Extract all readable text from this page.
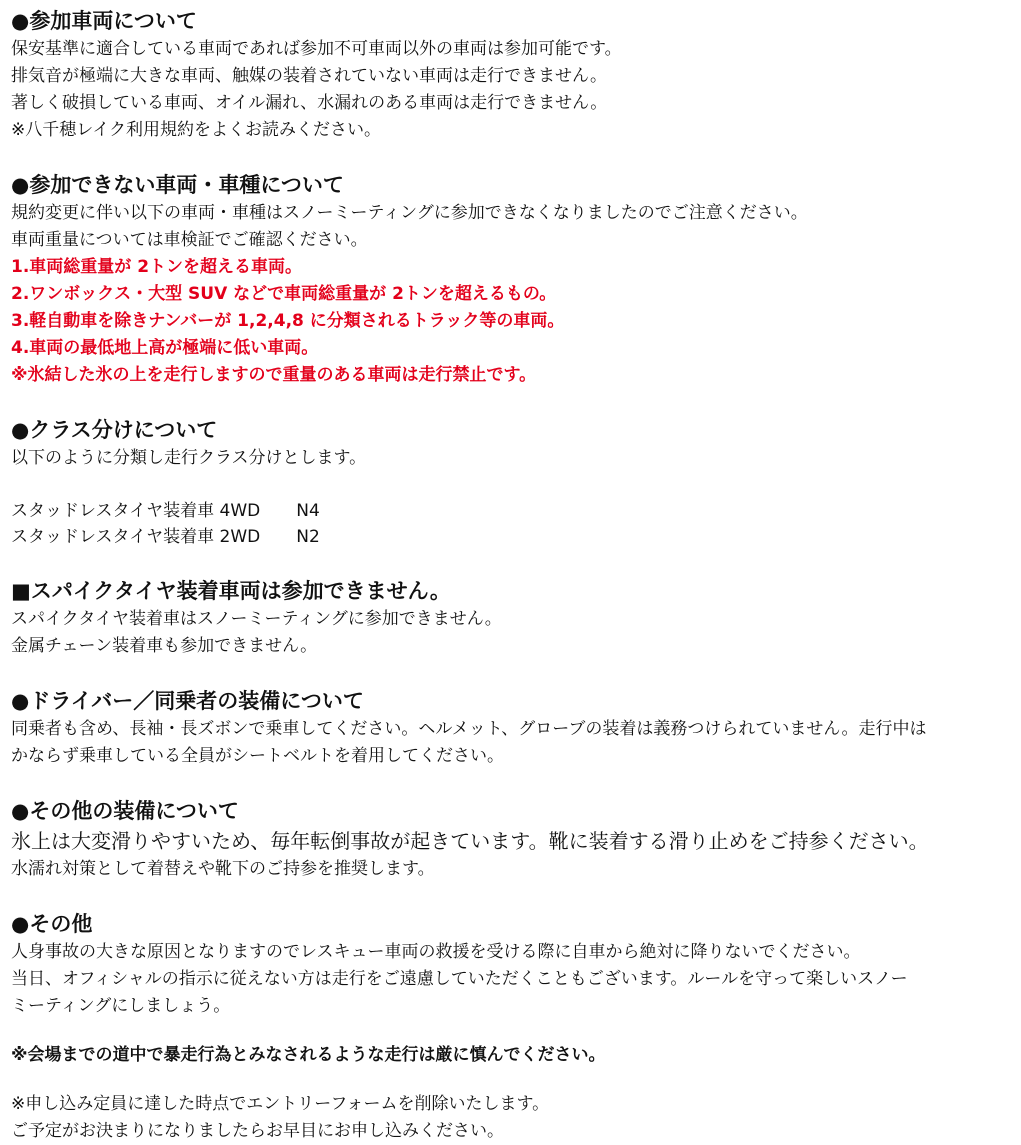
●参加車両について
保安基準に適合している車両であれば参加不可車両以外の車両は参加可能です。
排気音が極端に大きな車両、触媒の装着されていない車両は走行できません。
著しく破損している車両、オイル漏れ、水漏れのある車両は走行できません。
※八千穂レイク利用規約をよくお読みください。
●参加できない車両・車種について
規約変更に伴い以下の車両・車種はスノーミーティングに参加できなくなりましたのでご注意ください。
車両重量については車検証でご確認ください。
1.車両総重量が 2トンを超える車両。
2.ワンボックス・大型 SUV などで車両総重量が 2トンを超えるもの。
3.軽自動車を除きナンバーが 1,2,4,8 に分類されるトラック等の車両。
4.車両の最低地上高が極端に低い車両。
※氷結した氷の上を走行しますので重量のある車両は走行禁止です。
●クラス分けについて
以下のように分類し走行クラス分けとします。
スタッドレスタイヤ装着車 4WD N4
スタッドレスタイヤ装着車 2WD N2
■スパイクタイヤ装着車両は参加できません。
スパイクタイヤ装着車はスノーミーティングに参加できません。
金属チェーン装着車も参加できません。
●ドライバー／同乗者の装備について
同乗者も含め、長袖・長ズボンで乗車してください。ヘルメット、グローブの装着は義務つけられていません。走行中は
かならず乗車している全員がシートベルトを着用してください。
●その他の装備について
氷上は大変滑りやすいため、毎年転倒事故が起きています。靴に装着する滑り止めをご持参ください。
水濡れ対策として着替えや靴下のご持参を推奨します。
●その他
人身事故の大きな原因となりますのでレスキュー車両の救援を受ける際に自車から絶対に降りないでください。
当日、オフィシャルの指示に従えない方は走行をご遠慮していただくこともございます。ルールを守って楽しいスノー
ミーティングにしましょう。
※会場までの道中で暴走行為とみなされるような走行は厳に慎んでください。
※申し込み定員に達した時点でエントリーフォームを削除いたします。
ご予定がお決まりになりましたらお早目にお申し込みください。
